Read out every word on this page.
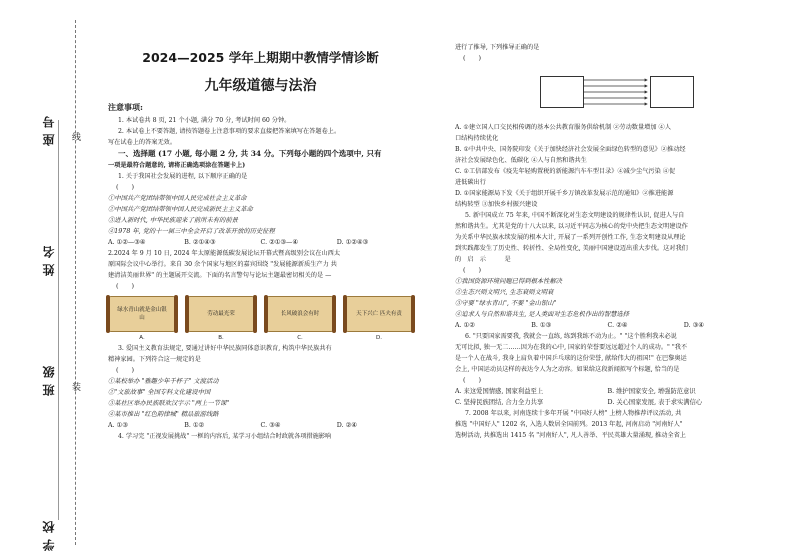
学校
班级
姓名
座号
装
线
2024—2025 学年上期期中教情学情诊断
九年级道德与法治
注意事项:
1. 本试卷共 8 页, 21 个小题, 满分 70 分, 考试时间 60 分钟。
2. 本试卷上不要答题, 请按答题卷上注意事项的要求直接把答案填写在答题卷上。
写在试卷上的答案无效。
一、选择题 (17 小题, 每小题 2 分, 共 34 分。下列每小题的四个选项中, 只有
一项是最符合题意的, 请将正确选项涂在答题卡上)
1. 关于我国社会发展的进程, 以下顺序正确的是
(　　)
①中国共产党团结带领中国人民完成社会主义革命
②中国共产党团结带领中国人民完成新民主主义革命
③进入新时代, 中华民族迎来了前所未有的前景
④1978 年, 党的十一届三中全会开启了改革开放的历史征程
A. ①②—③④	B. ②①④③	C. ②①③—④	D. ①②④③
2.2024 年 9 月 10 日, 2024 年太原能源低碳发展论坛开幕式暨高级别会议在山西太
原国际会议中心举行。来自 30 余个国家与地区的嘉宾围绕 "发展能源新质生产力 共
建清洁美丽世界" 的主题展开交流。下面的名言警句与论坛主题最密切相关的是 —
(　　)
绿水青山就是金山银山
A.
劳动最光荣
B.
长风破浪会有时
C.
天下兴亡 匹夫有责
D.
3. 爱国主义教育法规定, 要通过讲好中华民族同体意识教育, 构筑中华民族共有
精神家园。下列符合这一规定的是
(　　)
①某校举办 "雅趣少年千杯子" 文渡活动
②"文旅故事" 全国专科文化建设中国
③某社区举办民族联欢汉字示 "两上一节课"
④某市推出 "红色韵律城" 精品旅游线路
A. ①③	B. ①②	C. ③④	D. ②④
4. 学习完 "正视发展挑战" 一框的内容后, 某学习小组结合时政就各项措施影响
进行了推导, 下列推导正确的是
(　　)
A. ①建立国人口交民相传调的基本公共教育服务供给机制 ②劳动数量增加 ④人
口结构持续优化
B. ①中共中央、国务院印发《关于加快经济社会发展全面绿色转型的意见》②推动经
济社会发展绿色化、低碳化 ④人与自然和谐共生
C. ①工信部发布《疫先年轻购置税的新能源汽车车型目录》④减少尘气污染 ④促
进低碳出行
D. ①国家能源局下发《关于组织开展千乡万镇改革发展示范的通知》②推进能源
结构转型 ③加快乡村振兴建设
5. 新中国成立 75 年来, 中国不断深化对生态文明建设的规律性认识, 促进人与自
然和谐共生。尤其是党的十八大以来, 以习近平同志为核心的党中央把生态文明建设作
为关系中华民族永续发展的根本大计, 开展了一系列开创性工作, 生态文明建设从理论
到实践都发生了历史性、转折性、全局性变化, 美丽中国建设迈出重大步伐。这对我们
的　启　示　　　是
(　　)
①我国资源环境问题已得到根本性解决
②生态兴则文明兴, 生态衰则文明衰
③守要 "绿水青山", 不要 "金山银山"
④追求人与自然和谐共生, 是人类面对生态危机作出的智慧选择
A. ①②	B. ①③	C. ②④	D. ③④
6. "只要国家需要我, 我就会一直练, 练到我练不动为止。" "这个胜利我未必说
无可比拟, 独一无二……因为在我的心中, 国家的荣誉要远远超过个人的成功。" "我不
是一个人在战斗, 我身上肩负着中国乒乓球的这份荣誉, 献给伟大的祖国!" 在巴黎奥运
会上, 中国运动员这样的表达令人为之动容。如果给这段新闻拟写个标题, 恰当的是
(　　)
A. 来这爱国情感, 国家利益至上	B. 维护国家安全, 增强防范意识
C. 坚持民族团结, 合力全力共享	D. 关心国家发展, 表于求实满信心
7. 2008 年以来, 河南连续十多年开展 "中国好人榜" 上榜人物推荐评议活动, 共
推选 "中国好人" 1202 名, 入选人数居全国前列。2013 年起, 河南启动 "河南好人"
选树活动, 共推选出 1415 名 "河南好人", 凡人善举、平民英雄大量涌现, 推动全省上
